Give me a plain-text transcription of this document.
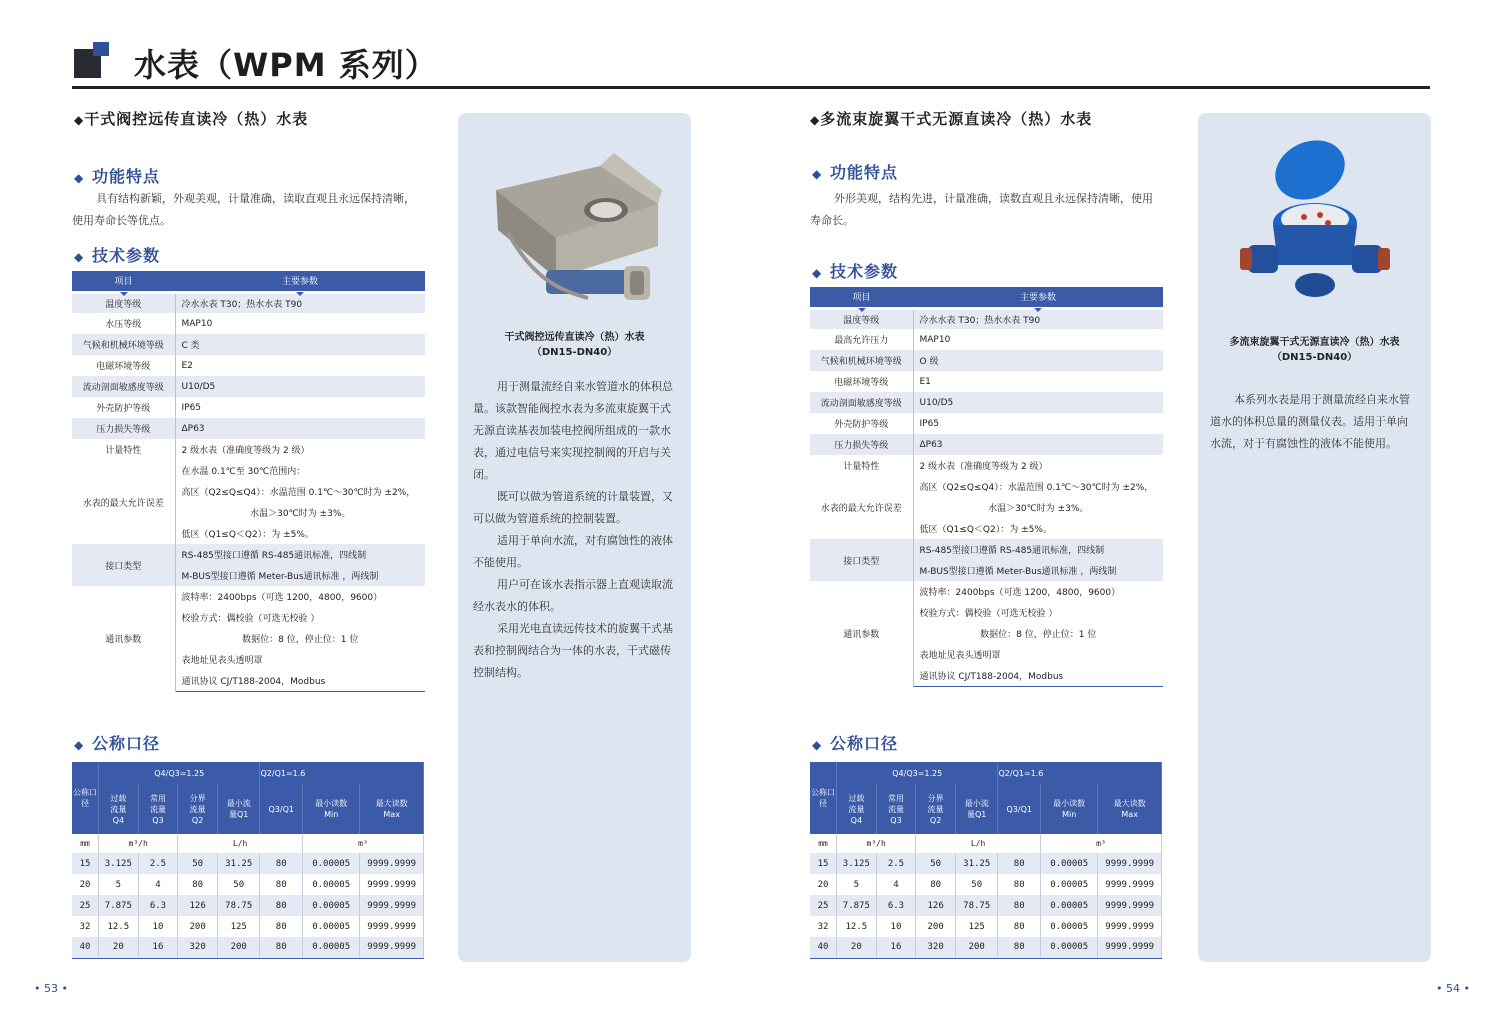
水表（WPM 系列）
◆干式阀控远传直读冷（热）水表
◆ 功能特点
具有结构新颖，外观美观，计量准确，读取直观且永远保持清晰，
使用寿命长等优点。
◆ 技术参数
项目	主要参数

温度等级	冷水水表 T30；热水水表 T90
水压等级	MAP10
气候和机械环境等级	C 类
电磁环境等级	E2
流动剖面敏感度等级	U10/D5
外壳防护等级	IP65
压力损失等级	ΔP63
计量特性	2 级水表（准确度等级为 2 级）
水表的最大允许误差	在水温 0.1℃至 30℃范围内：
	高区（Q2≤Q≤Q4）：水温范围 0.1℃～30℃时为 ±2%，
	水温＞30℃时为 ±3%。
	低区（Q1≤Q＜Q2）：为 ±5%。
接口类型	RS-485型接口遵循 RS-485通讯标准，四线制
	M-BUS型接口遵循 Meter-Bus通讯标准 ，两线制
通讯参数	波特率：2400bps（可选 1200，4800，9600）
	校验方式：偶校验（可选无校验 ）
	数据位：8 位，停止位：1 位
	表地址见表头透明罩
	通讯协议 CJ/T188-2004，Modbus
◆ 公称口径
公称口径	Q4/Q3=1.25				Q2/Q1=1.6		
	过载流量Q4	常用流量Q3	分界流量Q2	最小流量Q1	Q3/Q1	最小读数Min	最大读数Max
mm	m³/h		L/h			m³	
15	3.125	2.5	50	31.25	80	0.00005	9999.9999
20	5	4	80	50	80	0.00005	9999.9999
25	7.875	6.3	126	78.75	80	0.00005	9999.9999
32	12.5	10	200	125	80	0.00005	9999.9999
40	20	16	320	200	80	0.00005	9999.9999
干式阀控远传直读冷（热）水表
（DN15-DN40）
用于测量流经自来水管道水的体积总
量。该款智能阀控水表为多流束旋翼干式
无源直读基表加装电控阀所组成的一款水
表，通过电信号来实现控制阀的开启与关
闭。
既可以做为管道系统的计量装置，又
可以做为管道系统的控制装置。
适用于单向水流，对有腐蚀性的液体
不能使用。
用户可在该水表指示器上直观读取流
经水表水的体积。
采用光电直读远传技术的旋翼干式基
表和控制阀结合为一体的水表，干式磁传
控制结构。
• 53 •
◆多流束旋翼干式无源直读冷（热）水表
◆ 功能特点
外形美观，结构先进，计量准确，读数直观且永远保持清晰，使用
寿命长。
◆ 技术参数
项目	主要参数

温度等级	冷水水表 T30；热水水表 T90
最高允许压力	MAP10
气候和机械环境等级	O 级
电磁环境等级	E1
流动剖面敏感度等级	U10/D5
外壳防护等级	IP65
压力损失等级	ΔP63
计量特性	2 级水表（准确度等级为 2 级）
水表的最大允许误差	高区（Q2≤Q≤Q4）：水温范围 0.1℃～30℃时为 ±2%，
	水温＞30℃时为 ±3%。
	低区（Q1≤Q＜Q2）：为 ±5%。
接口类型	RS-485型接口遵循 RS-485通讯标准，四线制
	M-BUS型接口遵循 Meter-Bus通讯标准 ，两线制
通讯参数	波特率：2400bps（可选 1200，4800，9600）
	校验方式：偶校验（可选无校验 ）
	数据位：8 位，停止位：1 位
	表地址见表头透明罩
	通讯协议 CJ/T188-2004，Modbus
◆ 公称口径
公称口径	Q4/Q3=1.25				Q2/Q1=1.6		
	过载流量Q4	常用流量Q3	分界流量Q2	最小流量Q1	Q3/Q1	最小读数Min	最大读数Max
mm	m³/h		L/h			m³	
15	3.125	2.5	50	31.25	80	0.00005	9999.9999
20	5	4	80	50	80	0.00005	9999.9999
25	7.875	6.3	126	78.75	80	0.00005	9999.9999
32	12.5	10	200	125	80	0.00005	9999.9999
40	20	16	320	200	80	0.00005	9999.9999
多流束旋翼干式无源直读冷（热）水表
（DN15-DN40）
本系列水表是用于测量流经自来水管
道水的体积总量的测量仪表。适用于单向
水流，对于有腐蚀性的液体不能使用。
• 54 •
